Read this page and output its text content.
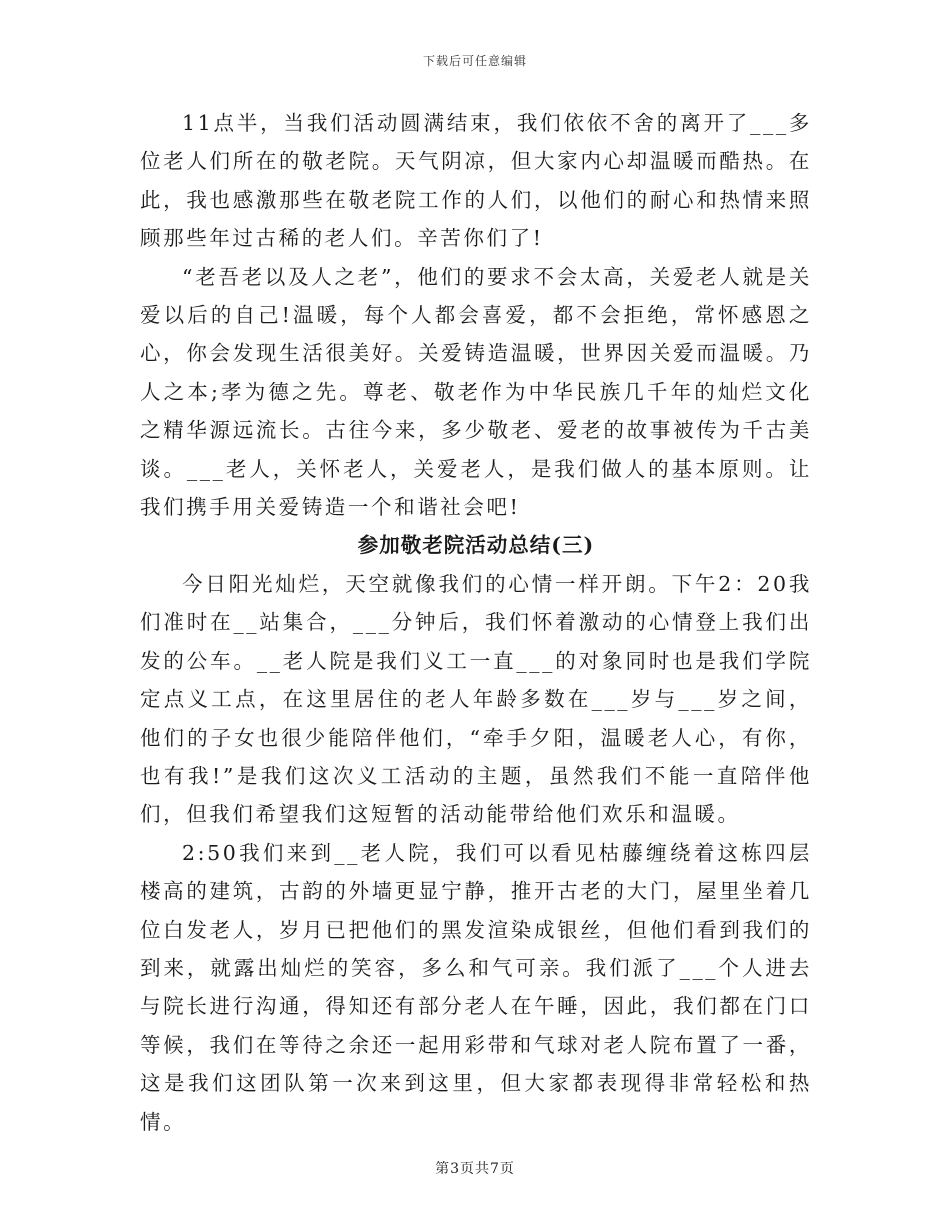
下载后可任意编辑

11点半，当我们活动圆满结束，我们依依不舍的离开了___多位老人们所在的敬老院。天气阴凉，但大家内心却温暖而酷热。在此，我也感激那些在敬老院工作的人们，以他们的耐心和热情来照顾那些年过古稀的老人们。辛苦你们了!

“老吾老以及人之老”，他们的要求不会太高，关爱老人就是关爱以后的自己!温暖，每个人都会喜爱，都不会拒绝，常怀感恩之心，你会发现生活很美好。关爱铸造温暖，世界因关爱而温暖。乃人之本;孝为德之先。尊老、敬老作为中华民族几千年的灿烂文化之精华源远流长。古往今来，多少敬老、爱老的故事被传为千古美谈。___老人，关怀老人，关爱老人，是我们做人的基本原则。让我们携手用关爱铸造一个和谐社会吧!

参加敬老院活动总结(三)

今日阳光灿烂，天空就像我们的心情一样开朗。下午2：20我们准时在__站集合，___分钟后，我们怀着激动的心情登上我们出发的公车。__老人院是我们义工一直___的对象同时也是我们学院定点义工点，在这里居住的老人年龄多数在___岁与___岁之间，他们的子女也很少能陪伴他们，“牵手夕阳，温暖老人心，有你，也有我!”是我们这次义工活动的主题，虽然我们不能一直陪伴他们，但我们希望我们这短暂的活动能带给他们欢乐和温暖。

2:50我们来到__老人院，我们可以看见枯藤缠绕着这栋四层楼高的建筑，古韵的外墙更显宁静，推开古老的大门，屋里坐着几位白发老人，岁月已把他们的黑发渲染成银丝，但他们看到我们的到来，就露出灿烂的笑容，多么和气可亲。我们派了___个人进去与院长进行沟通，得知还有部分老人在午睡，因此，我们都在门口等候，我们在等待之余还一起用彩带和气球对老人院布置了一番，这是我们这团队第一次来到这里，但大家都表现得非常轻松和热情。

第3页共7页
